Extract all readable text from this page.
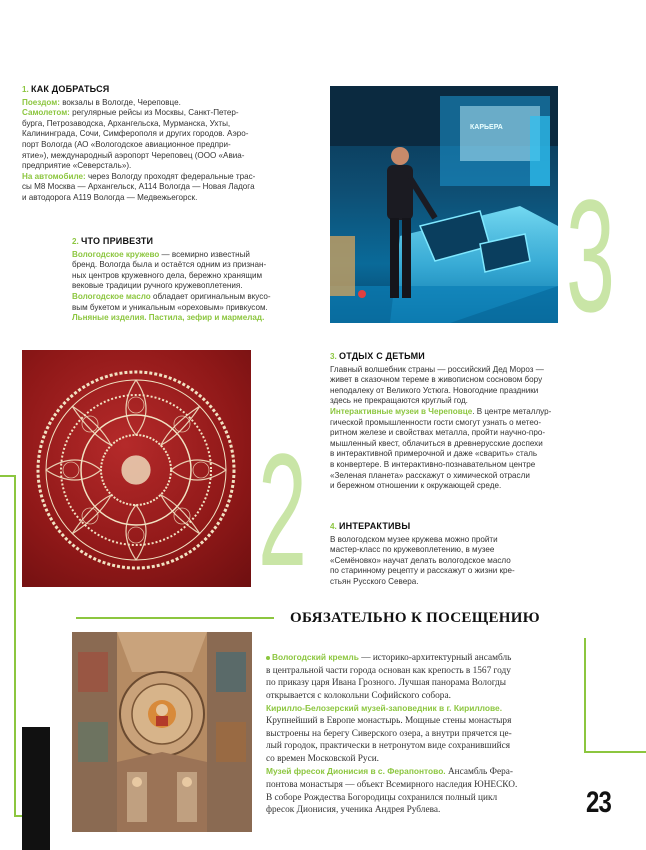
1. КАК ДОБРАТЬСЯ

Поездом: вокзалы в Вологде, Череповце.

Самолетом: регулярные рейсы из Москвы, Санкт-Петер-

бурга, Петрозаводска, Архангельска, Мурманска, Ухты,

Калининграда, Сочи, Симферополя и других городов. Аэро-

порт Вологда (АО «Вологодское авиационное предпри-

ятие»), международный аэропорт Череповец (ООО «Авиа-

предприятие «Северсталь»).

На автомобиле: через Вологду проходят федеральные трас-

сы М8 Москва — Архангельск, А114 Вологда — Новая Ладога

и автодорога А119 Вологда — Медвежьегорск.

КАРЬЕРА
3

2. ЧТО ПРИВЕЗТИ

Вологодское кружево — всемирно известный

бренд. Вологда была и остаётся одним из признан-

ных центров кружевного дела, бережно хранящим

вековые традиции ручного кружевоплетения.

Вологодское масло обладает оригинальным вкусо-

вым букетом и уникальным «ореховым» привкусом.

Льняные изделия. Пастила, зефир и мармелад.

2

3. ОТДЫХ С ДЕТЬМИ

Главный волшебник страны — российский Дед Мороз —

живет в сказочном тереме в живописном сосновом бору

неподалеку от Великого Устюга. Новогодние праздники

здесь не прекращаются круглый год.

Интерактивные музеи в Череповце. В центре металлур-

гической промышленности гости смогут узнать о метео-

ритном железе и свойствах металла, пройти научно-про-

мышленный квест, облачиться в древнерусские доспехи

в интерактивной примерочной и даже «сварить» сталь

в конвертере. В интерактивно-познавательном центре

«Зеленая планета» расскажут о химической отрасли

и бережном отношении к окружающей среде.

4. ИНТЕРАКТИВЫ

В вологодском музее кружева можно пройти

мастер-класс по кружевоплетению, в музее

«Семёновко» научат делать вологодское масло

по старинному рецепту и расскажут о жизни кре-

стьян Русского Севера.

ОБЯЗАТЕЛЬНО К ПОСЕЩЕНИЮ
Вологодский кремль — историко-архитектурный ансамбль
в центральной части города основан как крепость в 1567 году
по приказу царя Ивана Грозного. Лучшая панорама Вологды
открывается с колокольни Софийского собора.
Кирилло-Белозерский музей-заповедник в г. Кириллове.
Крупнейший в Европе монастырь. Мощные стены монастыря
выстроены на берегу Сиверского озера, а внутри прячется це-
лый городок, практически в нетронутом виде сохранившийся
со времен Московской Руси.
Музей фресок Дионисия в с. Ферапонтово. Ансамбль Фера-
понтова монастыря — объект Всемирного наследия ЮНЕСКО.
В соборе Рождества Богородицы сохранился полный цикл
фресок Дионисия, ученика Андрея Рублева.	23
